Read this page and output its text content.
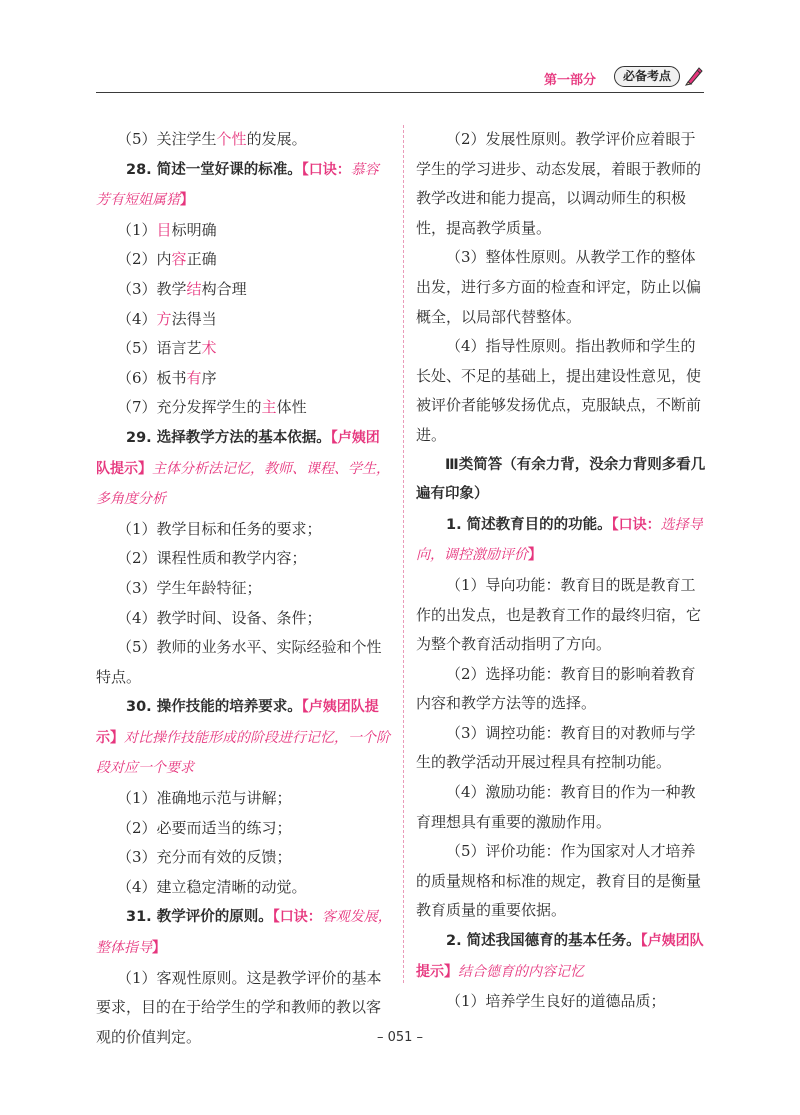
第一部分	必备考点

（5）关注学生个性的发展。

28. 简述一堂好课的标准。【口诀：慕容芳有短姐属猪】

（1）目标明确

（2）内容正确

（3）教学结构合理

（4）方法得当

（5）语言艺术

（6）板书有序

（7）充分发挥学生的主体性

29. 选择教学方法的基本依据。【卢姨团队提示】主体分析法记忆，教师、课程、学生，多角度分析

（1）教学目标和任务的要求；

（2）课程性质和教学内容；

（3）学生年龄特征；

（4）教学时间、设备、条件；

（5）教师的业务水平、实际经验和个性特点。

30. 操作技能的培养要求。【卢姨团队提示】对比操作技能形成的阶段进行记忆，一个阶段对应一个要求

（1）准确地示范与讲解；

（2）必要而适当的练习；

（3）充分而有效的反馈；

（4）建立稳定清晰的动觉。

31. 教学评价的原则。【口诀：客观发展，整体指导】

（1）客观性原则。这是教学评价的基本要求，目的在于给学生的学和教师的教以客观的价值判定。

（2）发展性原则。教学评价应着眼于学生的学习进步、动态发展，着眼于教师的教学改进和能力提高，以调动师生的积极性，提高教学质量。

（3）整体性原则。从教学工作的整体出发，进行多方面的检查和评定，防止以偏概全，以局部代替整体。

（4）指导性原则。指出教师和学生的长处、不足的基础上，提出建设性意见，使被评价者能够发扬优点，克服缺点，不断前进。

Ⅲ类简答（有余力背，没余力背则多看几遍有印象）

1. 简述教育目的的功能。【口诀：选择导向，调控激励评价】

（1）导向功能：教育目的既是教育工作的出发点，也是教育工作的最终归宿，它为整个教育活动指明了方向。

（2）选择功能：教育目的影响着教育内容和教学方法等的选择。

（3）调控功能：教育目的对教师与学生的教学活动开展过程具有控制功能。

（4）激励功能：教育目的作为一种教育理想具有重要的激励作用。

（5）评价功能：作为国家对人才培养的质量规格和标准的规定，教育目的是衡量教育质量的重要依据。

2. 简述我国德育的基本任务。【卢姨团队提示】结合德育的内容记忆

（1）培养学生良好的道德品质；

– 051 –
